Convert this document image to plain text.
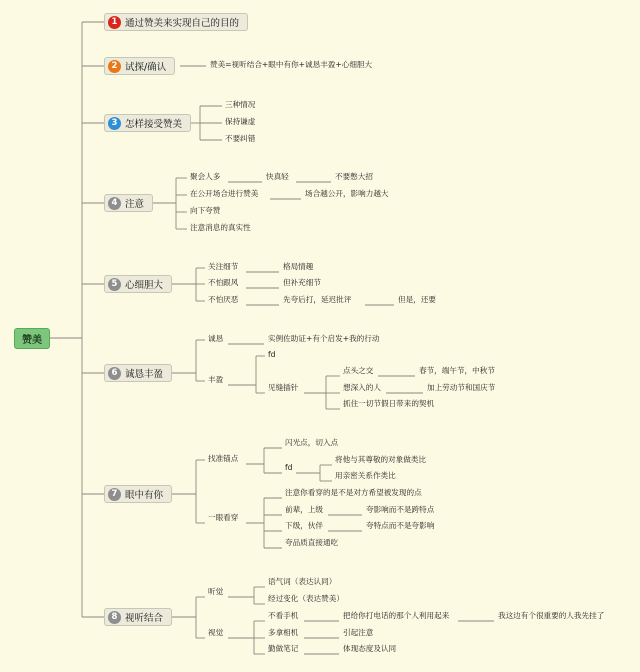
赞美
1 通过赞美来实现自己的目的
2 试探/确认
3 怎样接受赞美
4 注意
5 心细胆大
6 诚恳丰盈
7 眼中有你
8 视听结合
赞美=视听结合+眼中有你+诚恳丰盈+心细胆大
三种情况
保持谦虚
不要纠错
聚会人多	快真轻	不要憋大招
在公开场合进行赞美	场合越公开，影响力越大
向下夸赞
注意消息的真实性
关注细节	格局情趣
不怕跟风	但补充细节
不怕厌恶	先夸后打，延迟批评	但是，还要
诚恳	实例佐助证+有个启发+我的行动
丰盈
fd
见缝插针
点头之交	春节，端午节，中秋节
想深入的人	加上劳动节和国庆节
抓住一切节假日带来的契机
找准锚点
闪光点，切入点
fd
将他与其尊敬的对象做类比
用亲密关系作类比
一眼看穿
注意你看穿的是不是对方希望被发现的点
前辈，上级	夸影响而不是跨特点
下级，伙伴	夸特点而不是夸影响
夸品质直接通吃
听觉
语气词（表达认同）
经过变化（表达赞美）
视觉
不看手机	把给你打电话的那个人利用起来	我这边有个很重要的人我先挂了
多拿相机	引起注意
勤做笔记	体现态度及认同
